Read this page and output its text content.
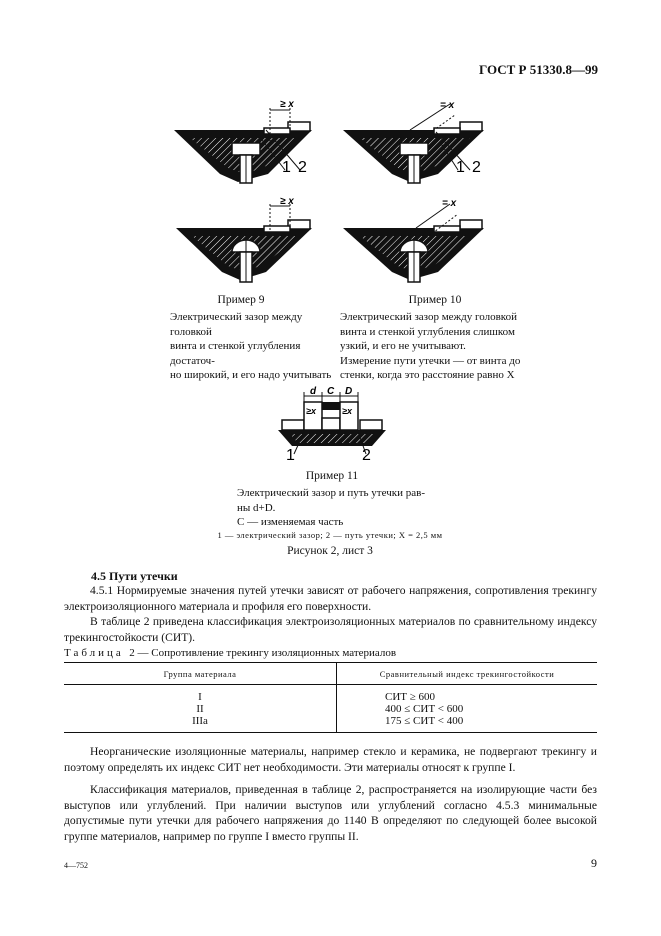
ГОСТ Р 51330.8—99
≥ x
1 2
= x
1 2
≥ x	= x
d C D
≥x	≥x
1	2
Пример 9
Электрический зазор между головкой
винта и стенкой углубления достаточ-
но широкий, и его надо учитывать
Пример 10
Электрический зазор между головкой
винта и стенкой углубления слишком
узкий, и его не учитывают.
Измерение пути утечки — от винта до
стенки, когда это расстояние равно X
Пример 11
Электрический зазор и путь утечки рав-
ны d+D.
C — изменяемая часть
1 — электрический зазор; 2 — путь утечки; X = 2,5 мм
Рисунок 2, лист 3
4.5 Пути утечки
4.5.1 Нормируемые значения путей утечки зависят от рабочего напряжения, сопротивления трекингу электроизоляционного материала и профиля его поверхности.
В таблице 2 приведена классификация электроизоляционных материалов по сравнительному индексу трекингостойкости (СИТ).
Таблица 2 — Сопротивление трекингу изоляционных материалов
Группа материала	Сравнительный индекс трекингостойкости
I	СИТ ≥ 600
II	400 ≤ СИТ < 600
IIIa	175 ≤ СИТ < 400
Неорганические изоляционные материалы, например стекло и керамика, не подвергают трекингу и поэтому определять их индекс СИТ нет необходимости. Эти материалы относят к группе I.
Классификация материалов, приведенная в таблице 2, распространяется на изолирующие части без выступов или углублений. При наличии выступов или углублений согласно 4.5.3 минимальные допустимые пути утечки для рабочего напряжения до 1140 В определяют по следующей более высокой группе материалов, например по группе I вместо группы II.
4—752	9
